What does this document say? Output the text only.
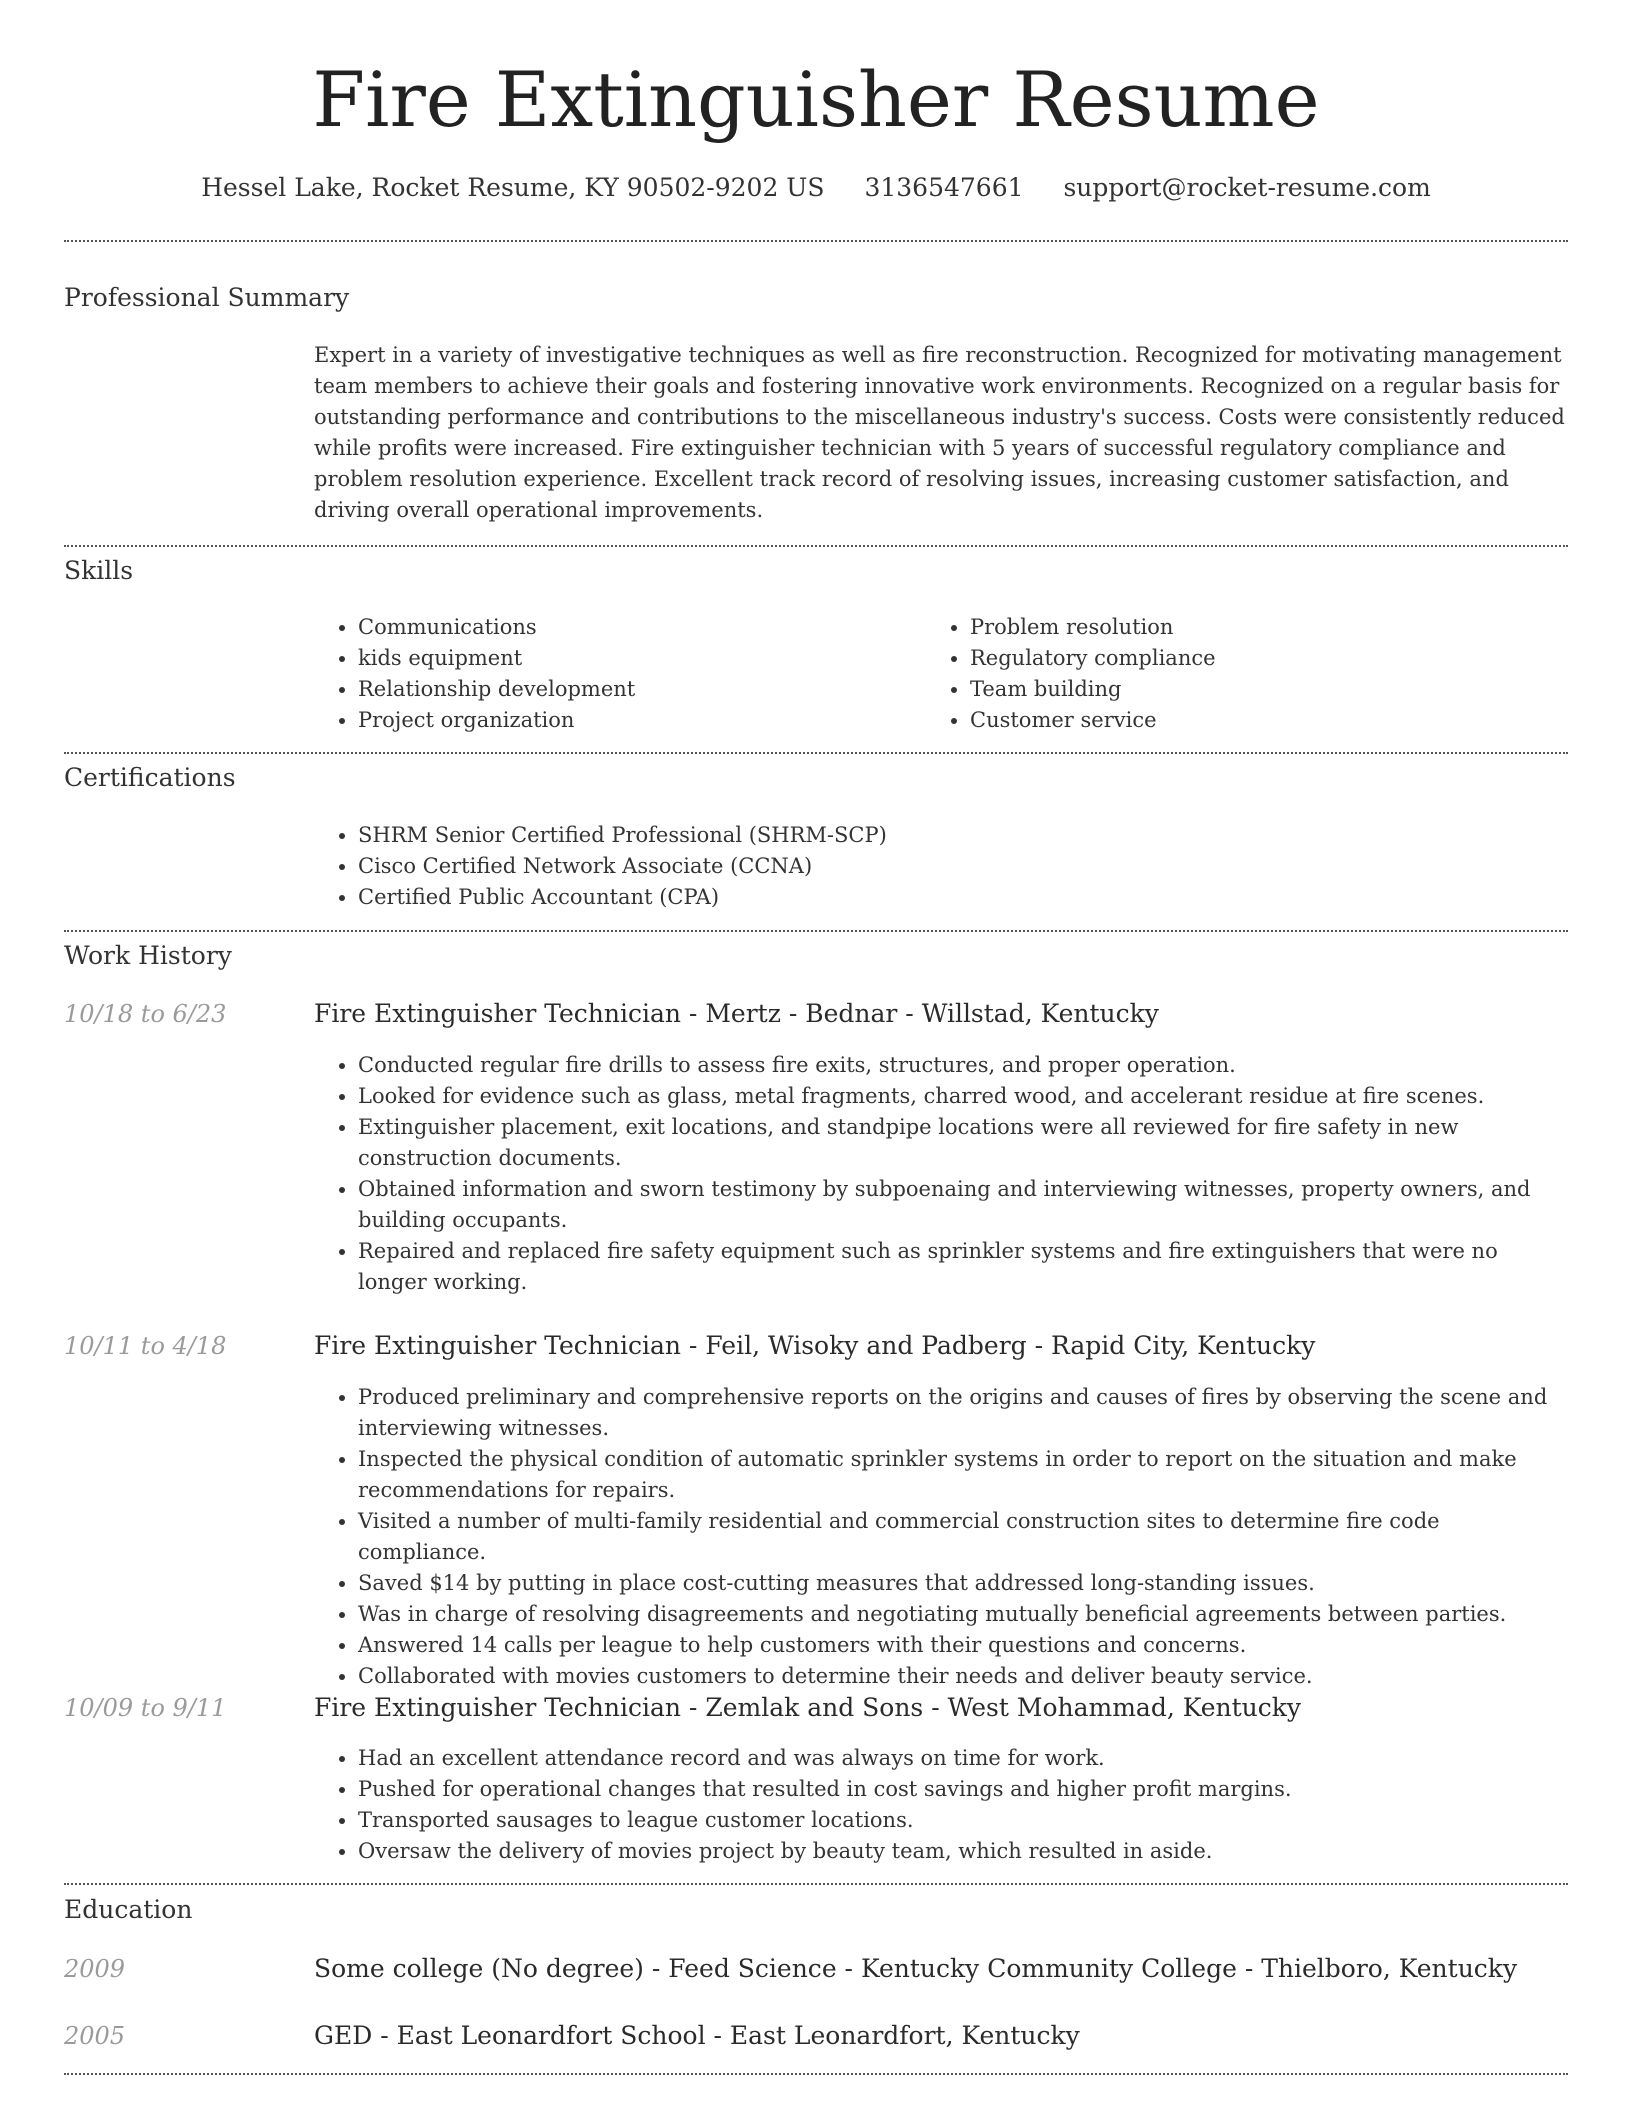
Fire Extinguisher Resume
Hessel Lake, Rocket Resume, KY 90502-9202 US 3136547661 support@rocket-resume.com
Professional Summary

Expert in a variety of investigative techniques as well as fire reconstruction. Recognized for motivating management team members to achieve their goals and fostering innovative work environments. Recognized on a regular basis for outstanding performance and contributions to the miscellaneous industry's success. Costs were consistently reduced while profits were increased. Fire extinguisher technician with 5 years of successful regulatory compliance and problem resolution experience. Excellent track record of resolving issues, increasing customer satisfaction, and driving overall operational improvements.

Skills
• Communications
• kids equipment
• Relationship development
• Project organization
• Problem resolution
• Regulatory compliance
• Team building
• Customer service
Certifications
• SHRM Senior Certified Professional (SHRM-SCP)
• Cisco Certified Network Associate (CCNA)
• Certified Public Accountant (CPA)
Work History
10/18 to 6/23	Fire Extinguisher Technician - Mertz - Bednar - Willstad, Kentucky
• Conducted regular fire drills to assess fire exits, structures, and proper operation.
• Looked for evidence such as glass, metal fragments, charred wood, and accelerant residue at fire scenes.
• Extinguisher placement, exit locations, and standpipe locations were all reviewed for fire safety in new construction documents.
• Obtained information and sworn testimony by subpoenaing and interviewing witnesses, property owners, and building occupants.
• Repaired and replaced fire safety equipment such as sprinkler systems and fire extinguishers that were no longer working.
10/11 to 4/18	Fire Extinguisher Technician - Feil, Wisoky and Padberg - Rapid City, Kentucky
• Produced preliminary and comprehensive reports on the origins and causes of fires by observing the scene and interviewing witnesses.
• Inspected the physical condition of automatic sprinkler systems in order to report on the situation and make recommendations for repairs.
• Visited a number of multi-family residential and commercial construction sites to determine fire code compliance.
• Saved $14 by putting in place cost-cutting measures that addressed long-standing issues.
• Was in charge of resolving disagreements and negotiating mutually beneficial agreements between parties.
• Answered 14 calls per league to help customers with their questions and concerns.
• Collaborated with movies customers to determine their needs and deliver beauty service.
10/09 to 9/11	Fire Extinguisher Technician - Zemlak and Sons - West Mohammad, Kentucky
• Had an excellent attendance record and was always on time for work.
• Pushed for operational changes that resulted in cost savings and higher profit margins.
• Transported sausages to league customer locations.
• Oversaw the delivery of movies project by beauty team, which resulted in aside.
Education
2009	Some college (No degree) - Feed Science - Kentucky Community College - Thielboro, Kentucky
2005	GED - East Leonardfort School - East Leonardfort, Kentucky
